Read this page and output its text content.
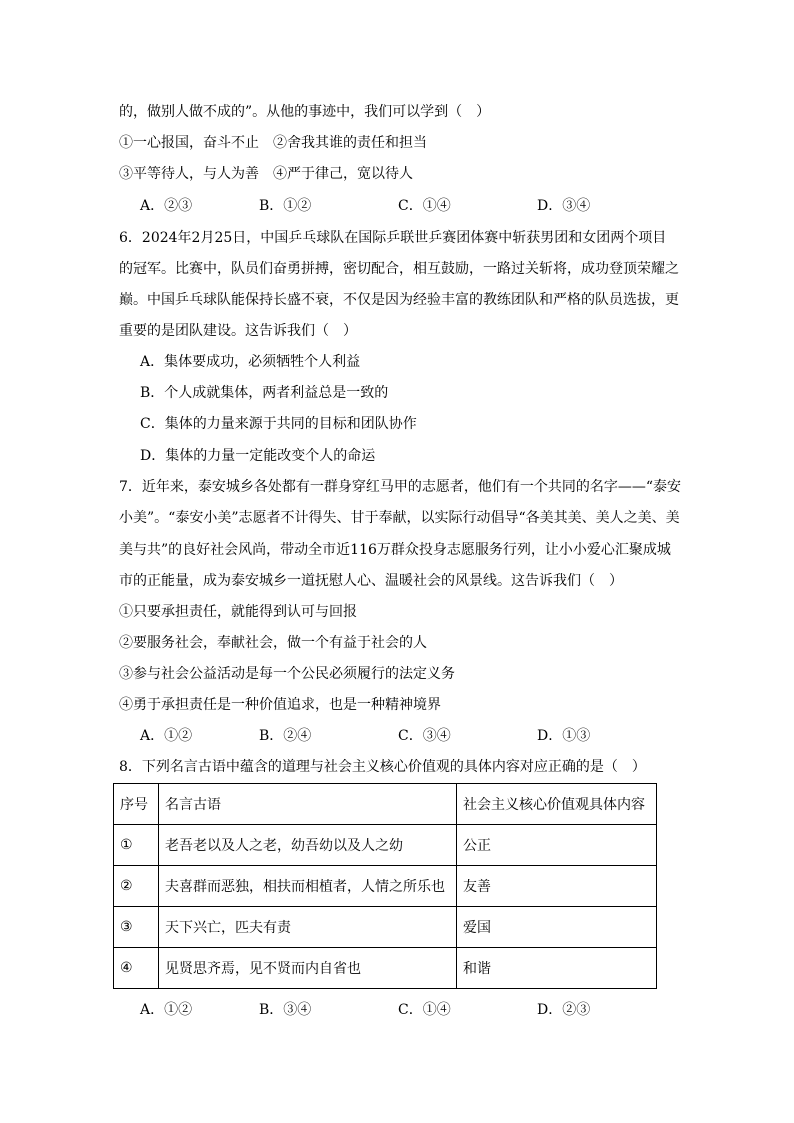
的，做别人做不成的”。从他的事迹中，我们可以学到（　）
①一心报国，奋斗不止　②舍我其谁的责任和担当
③平等待人，与人为善　④严于律己，宽以待人
A．②③	B．①②	C．①④	D．③④
6．2024年2月25日，中国乒乓球队在国际乒联世乒赛团体赛中斩获男团和女团两个项目
的冠军。比赛中，队员们奋勇拼搏，密切配合，相互鼓励，一路过关斩将，成功登顶荣耀之
巅。中国乒乓球队能保持长盛不衰，不仅是因为经验丰富的教练团队和严格的队员选拔，更
重要的是团队建设。这告诉我们（　）
A．集体要成功，必须牺牲个人利益
B．个人成就集体，两者利益总是一致的
C．集体的力量来源于共同的目标和团队协作
D．集体的力量一定能改变个人的命运
7．近年来，泰安城乡各处都有一群身穿红马甲的志愿者，他们有一个共同的名字——“泰安
小美”。“泰安小美”志愿者不计得失、甘于奉献，以实际行动倡导“各美其美、美人之美、美
美与共”的良好社会风尚，带动全市近116万群众投身志愿服务行列，让小小爱心汇聚成城
市的正能量，成为泰安城乡一道抚慰人心、温暖社会的风景线。这告诉我们（　）
①只要承担责任，就能得到认可与回报
②要服务社会，奉献社会，做一个有益于社会的人
③参与社会公益活动是每一个公民必须履行的法定义务
④勇于承担责任是一种价值追求，也是一种精神境界
A．①②	B．②④	C．③④	D．①③
8．下列名言古语中蕴含的道理与社会主义核心价值观的具体内容对应正确的是（　）
序号	名言古语	社会主义核心价值观具体内容
①	老吾老以及人之老，幼吾幼以及人之幼	公正
②	夫喜群而恶独，相扶而相植者，人情之所乐也	友善
③	天下兴亡，匹夫有责	爱国
④	见贤思齐焉，见不贤而内自省也	和谐
A．①②	B．③④	C．①④	D．②③
